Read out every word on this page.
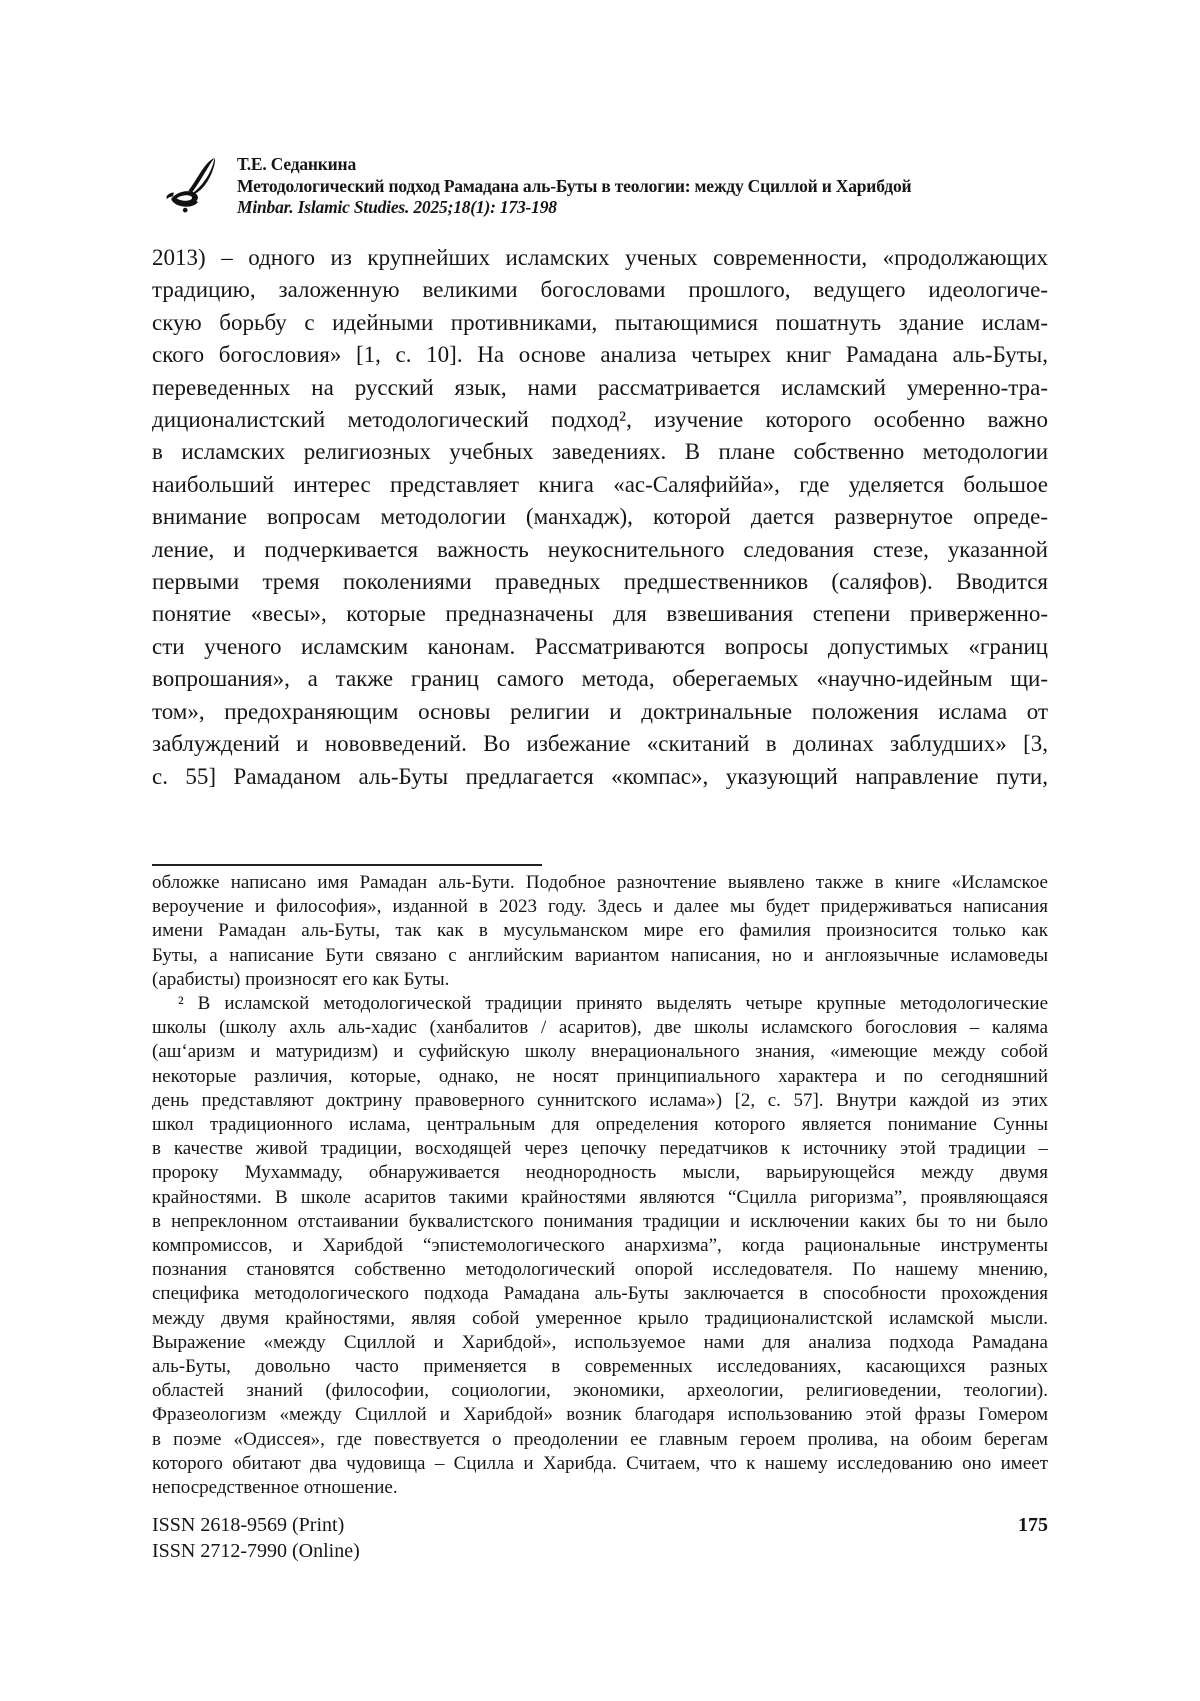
Т.Е. Седанкина
Методологический подход Рамадана аль-Буты в теологии: между Сциллой и Харибдой
Minbar. Islamic Studies. 2025;18(1): 173-198
2013) – одного из крупнейших исламских ученых современности, «продолжающих
традицию, заложенную великими богословами прошлого, ведущего идеологиче-
скую борьбу с идейными противниками, пытающимися пошатнуть здание ислам-
ского богословия» [1, с. 10]. На основе анализа четырех книг Рамадана аль-Буты,
переведенных на русский язык, нами рассматривается исламский умеренно-тра-
диционалистский методологический подход², изучение которого особенно важно
в исламских религиозных учебных заведениях. В плане собственно методологии
наибольший интерес представляет книга «ас-Саляфиййа», где уделяется большое
внимание вопросам методологии (манхадж), которой дается развернутое опреде-
ление, и подчеркивается важность неукоснительного следования стезе, указанной
первыми тремя поколениями праведных предшественников (саляфов). Вводится
понятие «весы», которые предназначены для взвешивания степени приверженно-
сти ученого исламским канонам. Рассматриваются вопросы допустимых «границ
вопрошания», а также границ самого метода, оберегаемых «научно-идейным щи-
том», предохраняющим основы религии и доктринальные положения ислама от
заблуждений и нововведений. Во избежание «скитаний в долинах заблудших» [3,
с. 55] Рамаданом аль-Буты предлагается «компас», указующий направление пути,
обложке написано имя Рамадан аль-Бути. Подобное разночтение выявлено также в книге «Исламское
вероучение и философия», изданной в 2023 году. Здесь и далее мы будет придерживаться написания
имени Рамадан аль-Буты, так как в мусульманском мире его фамилия произносится только как
Буты, а написание Бути связано с английским вариантом написания, но и англоязычные исламоведы
(арабисты) произносят его как Буты.
² В исламской методологической традиции принято выделять четыре крупные методологические
школы (школу ахль аль-хадис (ханбалитов / асаритов), две школы исламского богословия – каляма
(аш‘аризм и матуридизм) и суфийскую школу внерационального знания, «имеющие между собой
некоторые различия, которые, однако, не носят принципиального характера и по сегодняшний
день представляют доктрину правоверного суннитского ислама») [2, с. 57]. Внутри каждой из этих
школ традиционного ислама, центральным для определения которого является понимание Сунны
в качестве живой традиции, восходящей через цепочку передатчиков к источнику этой традиции –
пророку Мухаммаду, обнаруживается неоднородность мысли, варьирующейся между двумя
крайностями. В школе асаритов такими крайностями являются “Сцилла ригоризма”, проявляющаяся
в непреклонном отстаивании буквалистского понимания традиции и исключении каких бы то ни было
компромиссов, и Харибдой “эпистемологического анархизма”, когда рациональные инструменты
познания становятся собственно методологический опорой исследователя. По нашему мнению,
специфика методологического подхода Рамадана аль-Буты заключается в способности прохождения
между двумя крайностями, являя собой умеренное крыло традиционалистской исламской мысли.
Выражение «между Сциллой и Харибдой», используемое нами для анализа подхода Рамадана
аль-Буты, довольно часто применяется в современных исследованиях, касающихся разных
областей знаний (философии, социологии, экономики, археологии, религиоведении, теологии).
Фразеологизм «между Сциллой и Харибдой» возник благодаря использованию этой фразы Гомером
в поэме «Одиссея», где повествуется о преодолении ее главным героем пролива, на обоим берегам
которого обитают два чудовища – Сцилла и Харибда. Считаем, что к нашему исследованию оно имеет
непосредственное отношение.
ISSN 2618-9569 (Print)
ISSN 2712-7990 (Online)
175
